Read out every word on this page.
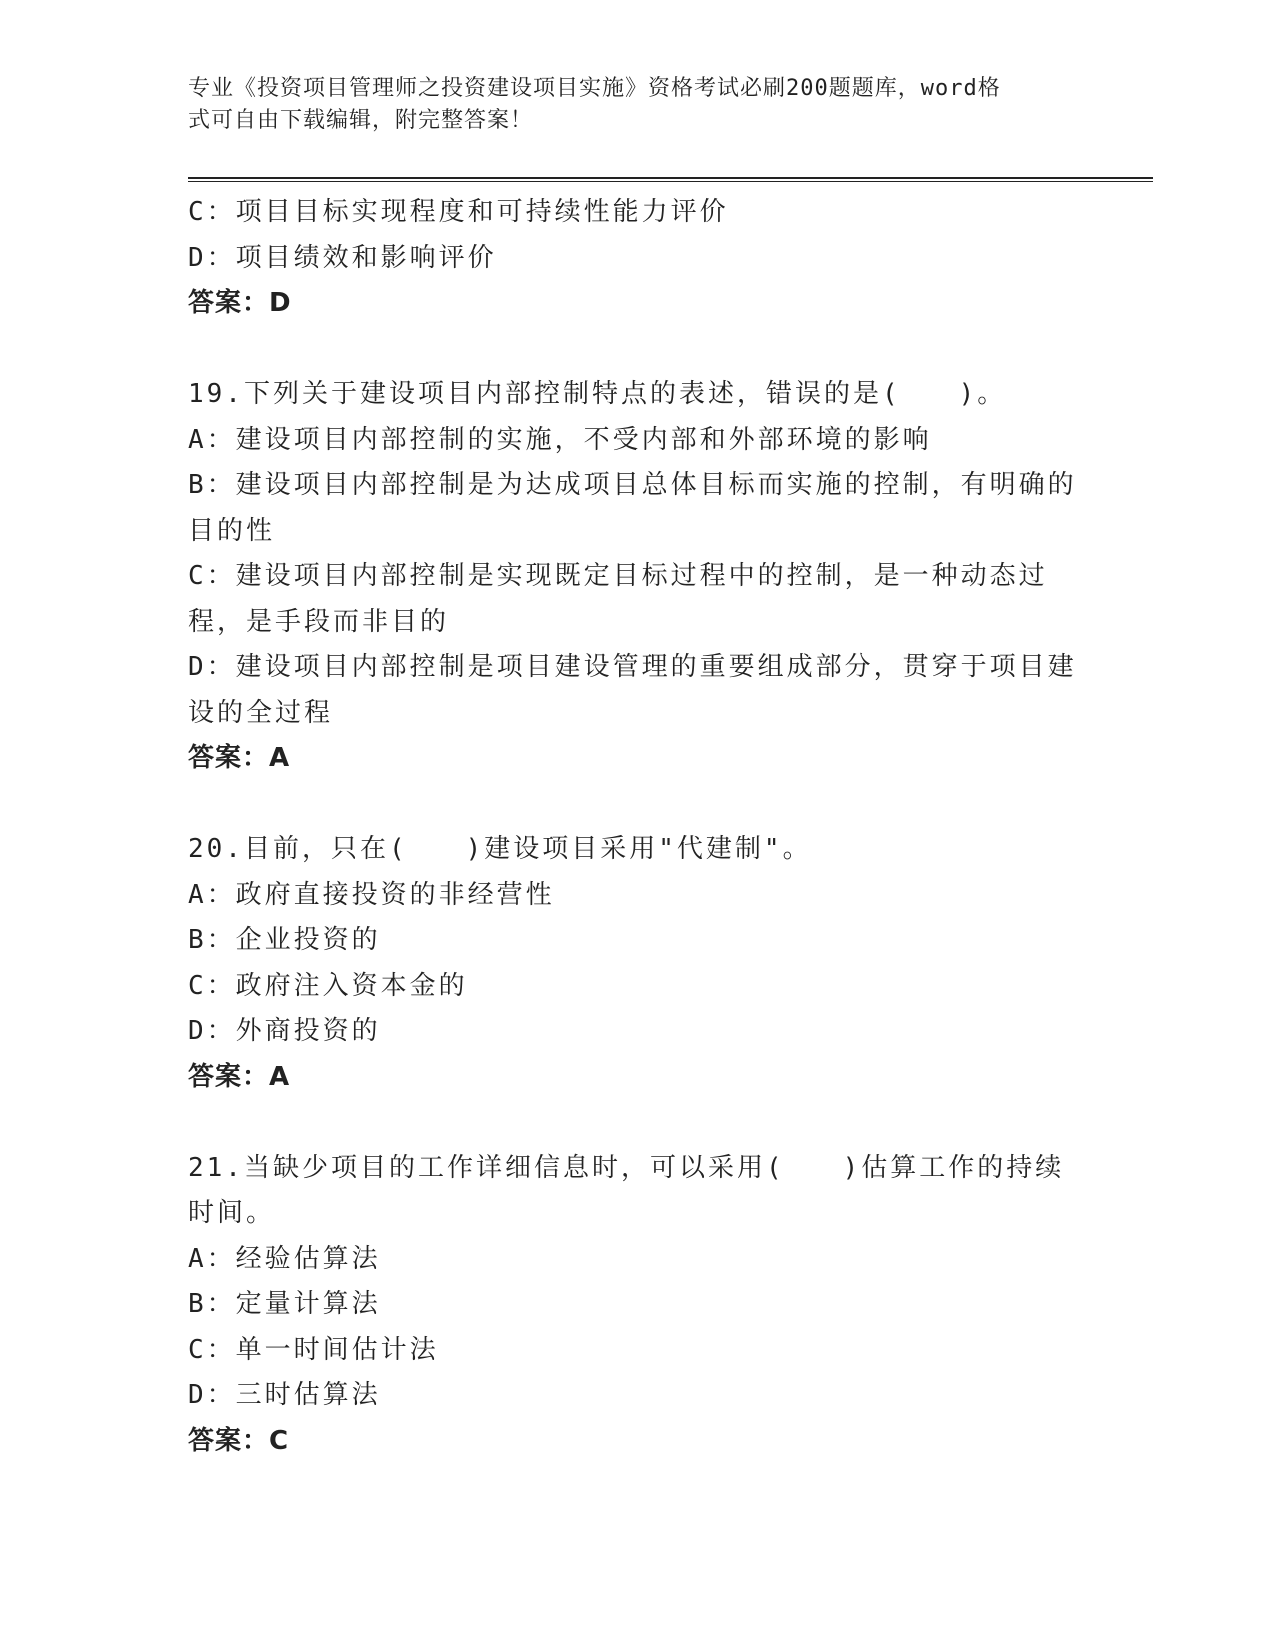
专业《投资项目管理师之投资建设项目实施》资格考试必刷200题题库，word格
式可自由下载编辑，附完整答案！

C：项目目标实现程度和可持续性能力评价

D：项目绩效和影响评价

答案：D

19.下列关于建设项目内部控制特点的表述，错误的是(　　)。

A：建设项目内部控制的实施，不受内部和外部环境的影响

B：建设项目内部控制是为达成项目总体目标而实施的控制，有明确的目的性

C：建设项目内部控制是实现既定目标过程中的控制，是一种动态过程，是手段而非目的

D：建设项目内部控制是项目建设管理的重要组成部分，贯穿于项目建设的全过程

答案：A

20.目前，只在(　　)建设项目采用"代建制"。

A：政府直接投资的非经营性

B：企业投资的

C：政府注入资本金的

D：外商投资的

答案：A

21.当缺少项目的工作详细信息时，可以采用(　　)估算工作的持续时间。

A：经验估算法

B：定量计算法

C：单一时间估计法

D：三时估算法

答案：C
